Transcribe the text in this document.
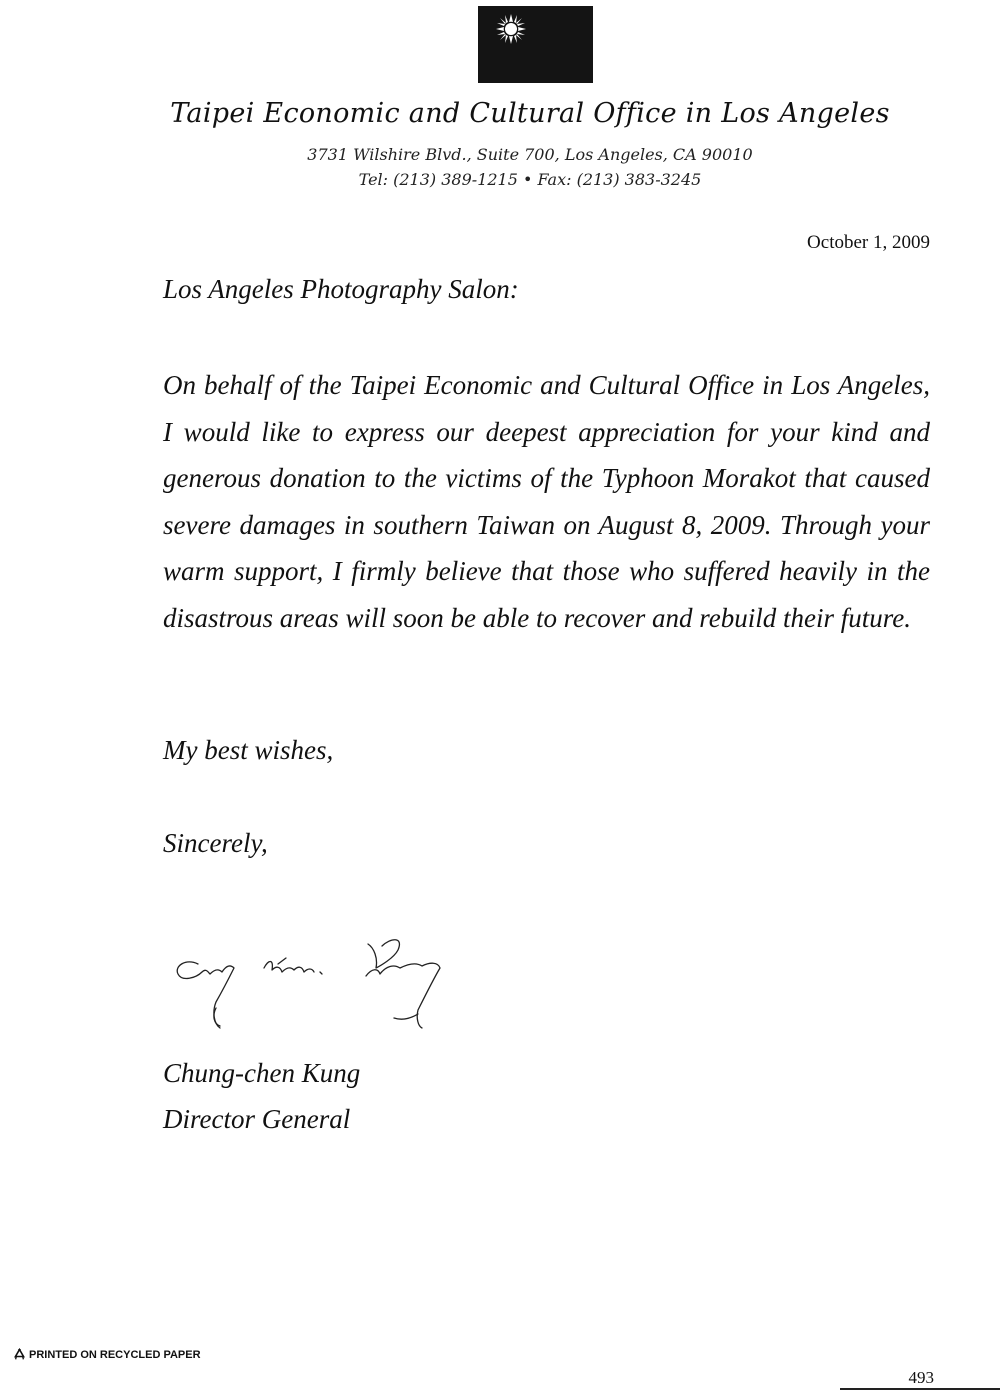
Taipei Economic and Cultural Office in Los Angeles
3731 Wilshire Blvd., Suite 700, Los Angeles, CA 90010
Tel: (213) 389-1215 • Fax: (213) 383-3245
October 1, 2009
Los Angeles Photography Salon:
On behalf of the Taipei Economic and Cultural Office in Los Angeles, I would like to express our deepest appreciation for your kind and generous donation to the victims of the Typhoon Morakot that caused severe damages in southern Taiwan on August 8, 2009. Through your warm support, I firmly believe that those who suffered heavily in the disastrous areas will soon be able to recover and rebuild their future.
My best wishes,
Sincerely,
Chung-chen Kung
Director General
PRINTED ON RECYCLED PAPER
493
